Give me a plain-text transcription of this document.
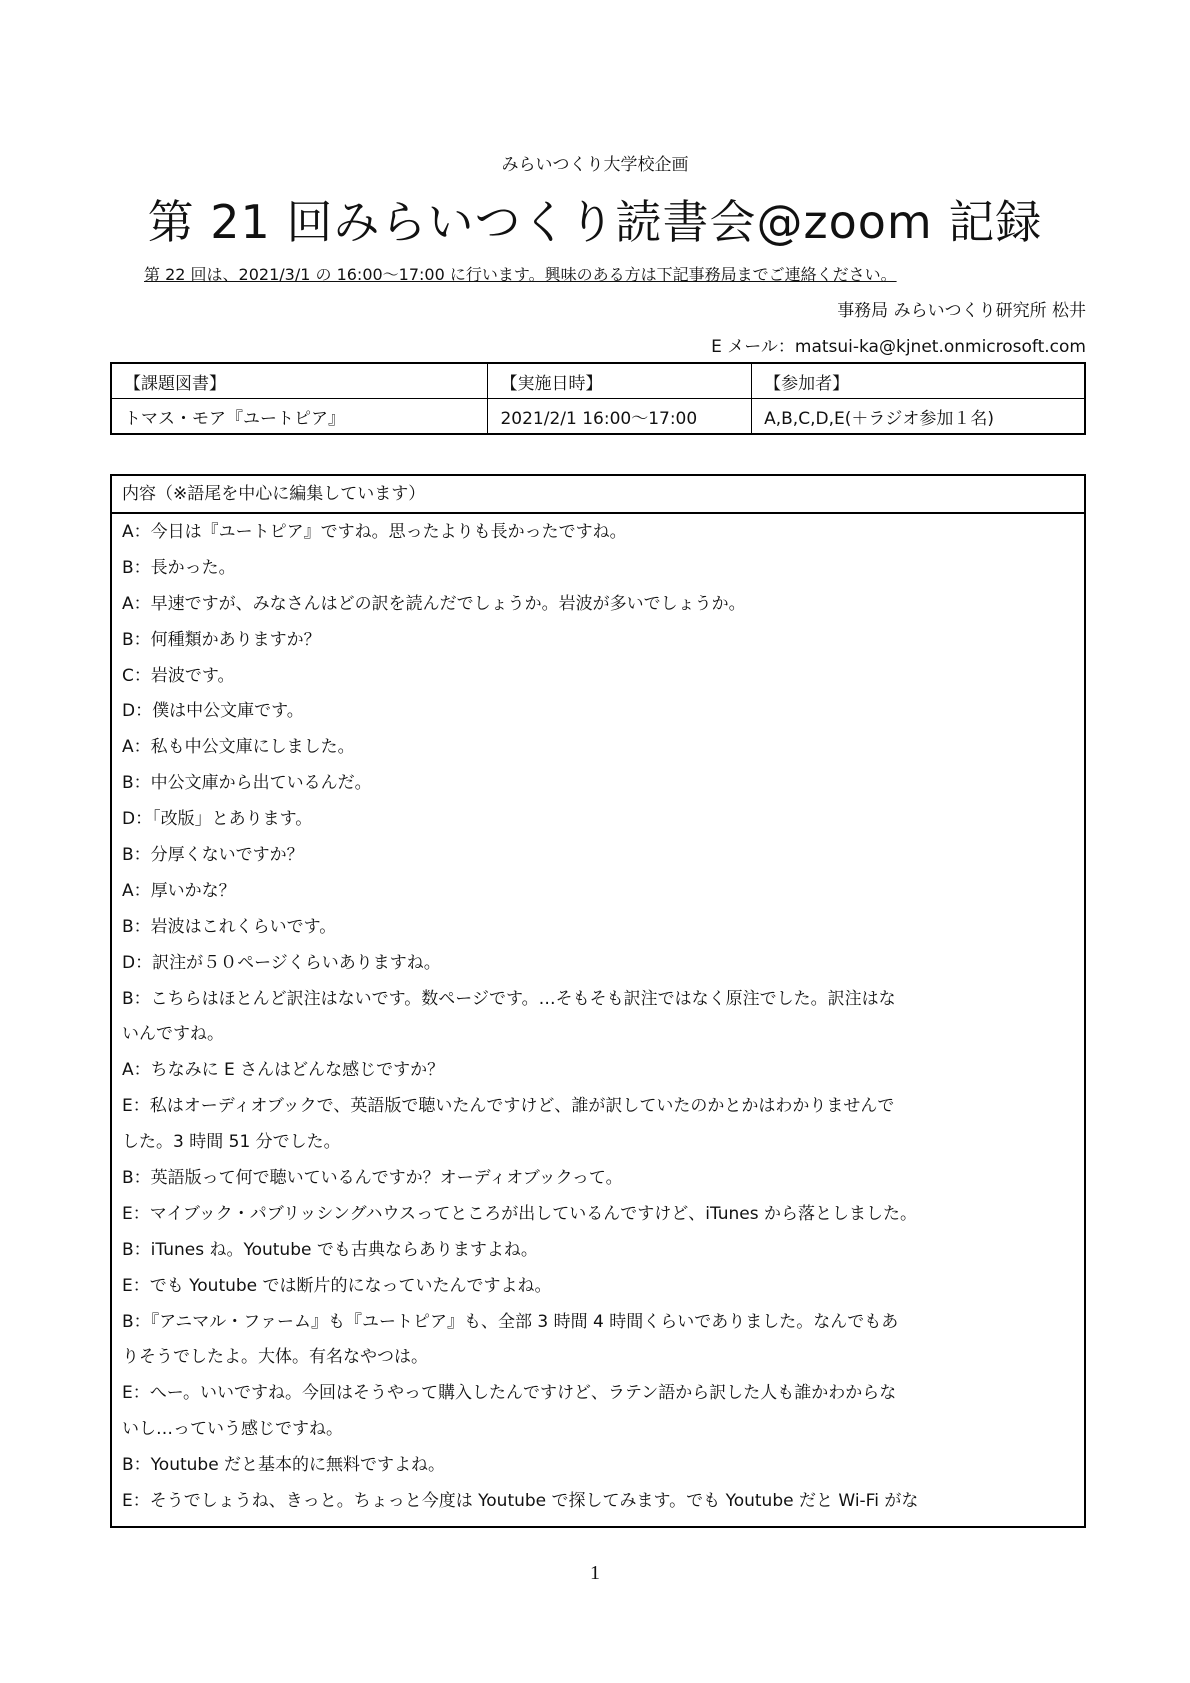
みらいつくり大学校企画
第 21 回みらいつくり読書会@zoom 記録
第 22 回は、2021/3/1 の 16:00〜17:00 に行います。興味のある方は下記事務局までご連絡ください。
事務局 みらいつくり研究所 松井
E メール：matsui-ka@kjnet.onmicrosoft.com
【課題図書】	【実施日時】	【参加者】
トマス・モア『ユートピア』	2021/2/1 16:00〜17:00	A,B,C,D,E(＋ラジオ参加１名)
内容（※語尾を中心に編集しています）
A：今日は『ユートピア』ですね。思ったよりも長かったですね。
B：長かった。
A：早速ですが、みなさんはどの訳を読んだでしょうか。岩波が多いでしょうか。
B：何種類かありますか？
C：岩波です。
D：僕は中公文庫です。
A：私も中公文庫にしました。
B：中公文庫から出ているんだ。
D：「改版」とあります。
B：分厚くないですか？
A：厚いかな？
B：岩波はこれくらいです。
D：訳注が５０ページくらいありますね。
B：こちらはほとんど訳注はないです。数ページです。…そもそも訳注ではなく原注でした。訳注はな
いんですね。
A：ちなみに E さんはどんな感じですか？
E：私はオーディオブックで、英語版で聴いたんですけど、誰が訳していたのかとかはわかりませんで
した。3 時間 51 分でした。
B：英語版って何で聴いているんですか？オーディオブックって。
E：マイブック・パブリッシングハウスってところが出しているんですけど、iTunes から落としました。
B：iTunes ね。Youtube でも古典ならありますよね。
E：でも Youtube では断片的になっていたんですよね。
B：『アニマル・ファーム』も『ユートピア』も、全部 3 時間 4 時間くらいでありました。なんでもあ
りそうでしたよ。大体。有名なやつは。
E：へー。いいですね。今回はそうやって購入したんですけど、ラテン語から訳した人も誰かわからな
いし…っていう感じですね。
B：Youtube だと基本的に無料ですよね。
E：そうでしょうね、きっと。ちょっと今度は Youtube で探してみます。でも Youtube だと Wi-Fi がな
1
